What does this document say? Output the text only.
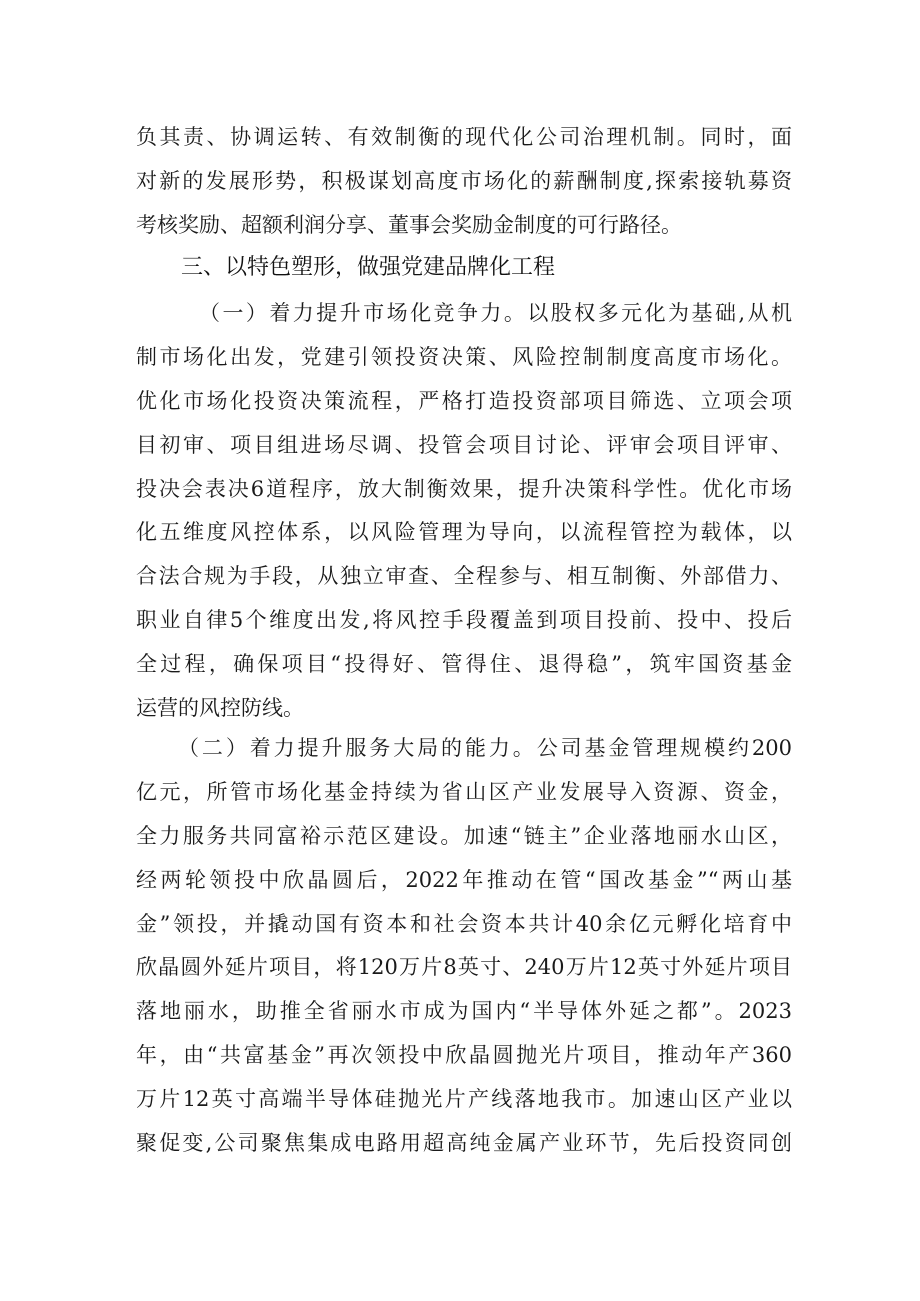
负其责、协调运转、有效制衡的现代化公司治理机制。同时，面
对新的发展形势，积极谋划高度市场化的薪酬制度,探索接轨募资
考核奖励、超额利润分享、董事会奖励金制度的可行路径。
三、以特色塑形，做强党建品牌化工程
（一）着力提升市场化竞争力。以股权多元化为基础,从机
制市场化出发，党建引领投资决策、风险控制制度高度市场化。
优化市场化投资决策流程，严格打造投资部项目筛选、立项会项
目初审、项目组进场尽调、投管会项目讨论、评审会项目评审、
投决会表决6道程序，放大制衡效果，提升决策科学性。优化市场
化五维度风控体系，以风险管理为导向，以流程管控为载体，以
合法合规为手段，从独立审查、全程参与、相互制衡、外部借力、
职业自律5个维度出发,将风控手段覆盖到项目投前、投中、投后
全过程，确保项目“投得好、管得住、退得稳”，筑牢国资基金
运营的风控防线。
（二）着力提升服务大局的能力。公司基金管理规模约200
亿元，所管市场化基金持续为省山区产业发展导入资源、资金，
全力服务共同富裕示范区建设。加速“链主”企业落地丽水山区，
经两轮领投中欣晶圆后，2022年推动在管“国改基金”“两山基
金”领投，并撬动国有资本和社会资本共计40余亿元孵化培育中
欣晶圆外延片项目，将120万片8英寸、240万片12英寸外延片项目
落地丽水，助推全省丽水市成为国内“半导体外延之都”。2023
年，由“共富基金”再次领投中欣晶圆抛光片项目，推动年产360
万片12英寸高端半导体硅抛光片产线落地我市。加速山区产业以
聚促变,公司聚焦集成电路用超高纯金属产业环节，先后投资同创
